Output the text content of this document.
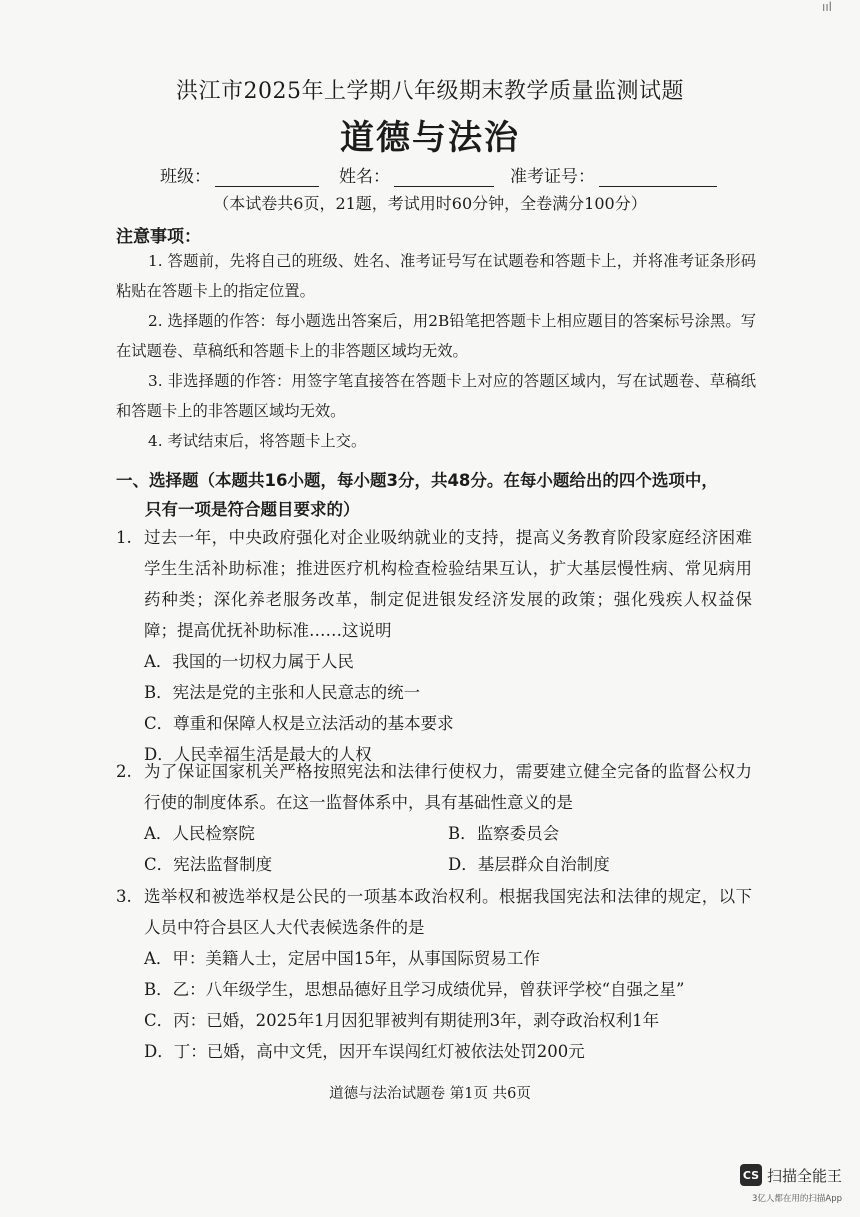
ııl
洪江市2025年上学期八年级期末教学质量监测试题
道德与法治
班级：	姓名：	准考证号：
（本试卷共6页，21题，考试用时60分钟，全卷满分100分）
注意事项：

1. 答题前，先将自己的班级、姓名、准考证号写在试题卷和答题卡上，并将准考证条形码粘贴在答题卡上的指定位置。

2. 选择题的作答：每小题选出答案后，用2B铅笔把答题卡上相应题目的答案标号涂黑。写在试题卷、草稿纸和答题卡上的非答题区域均无效。

3. 非选择题的作答：用签字笔直接答在答题卡上对应的答题区域内，写在试题卷、草稿纸和答题卡上的非答题区域均无效。

4. 考试结束后，将答题卡上交。

一、选择题（本题共16小题，每小题3分，共48分。在每小题给出的四个选项中，
只有一项是符合题目要求的）
1. 过去一年，中央政府强化对企业吸纳就业的支持，提高义务教育阶段家庭经济困难学生生活补助标准；推进医疗机构检查检验结果互认，扩大基层慢性病、常见病用药种类；深化养老服务改革，制定促进银发经济发展的政策；强化残疾人权益保障；提高优抚补助标准……这说明
A．我国的一切权力属于人民
B．宪法是党的主张和人民意志的统一
C．尊重和保障人权是立法活动的基本要求
D．人民幸福生活是最大的人权
2. 为了保证国家机关严格按照宪法和法律行使权力，需要建立健全完备的监督公权力行使的制度体系。在这一监督体系中，具有基础性意义的是
A．人民检察院	B．监察委员会
C．宪法监督制度	D．基层群众自治制度
3. 选举权和被选举权是公民的一项基本政治权利。根据我国宪法和法律的规定，以下人员中符合县区人大代表候选条件的是
A．甲：美籍人士，定居中国15年，从事国际贸易工作
B．乙：八年级学生，思想品德好且学习成绩优异，曾获评学校“自强之星”
C．丙：已婚，2025年1月因犯罪被判有期徒刑3年，剥夺政治权利1年
D．丁：已婚，高中文凭，因开车误闯红灯被依法处罚200元
道德与法治试题卷 第1页 共6页
CS 扫描全能王
3亿人都在用的扫描App
